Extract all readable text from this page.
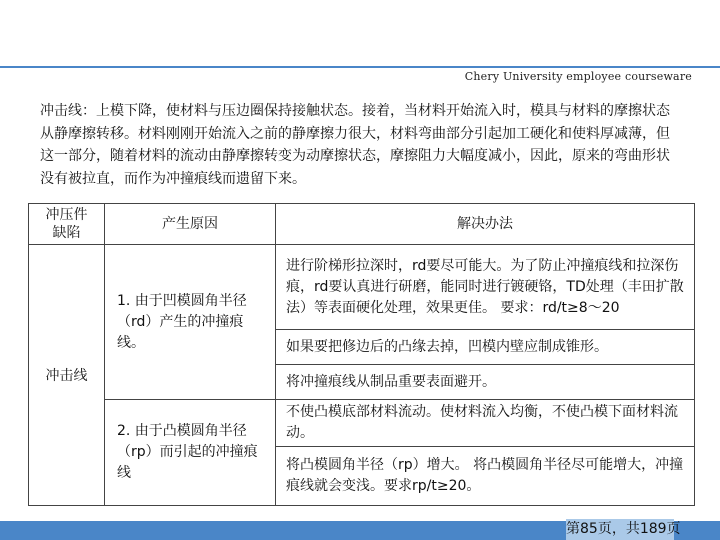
Chery University employee courseware

冲击线：上模下降，使材料与压边圈保持接触状态。接着，当材料开始流入时，模具与材料的摩擦状态从静摩擦转移。材料刚刚开始流入之前的静摩擦力很大，材料弯曲部分引起加工硬化和使料厚减薄，但这一部分，随着材料的流动由静摩擦转变为动摩擦状态，摩擦阻力大幅度减小，因此，原来的弯曲形状没有被拉直，而作为冲撞痕线而遗留下来。

冲压件
缺陷	产生原因	解决办法
冲击线	1. 由于凹模圆角半径（rd）产生的冲撞痕线。	进行阶梯形拉深时，rd要尽可能大。为了防止冲撞痕线和拉深伤痕，rd要认真进行研磨，能同时进行镀硬铬，TD处理（丰田扩散法）等表面硬化处理，效果更佳。 要求：rd/t≥8～20
		如果要把修边后的凸缘去掉，凹模内壁应制成锥形。
		将冲撞痕线从制品重要表面避开。
	2. 由于凸模圆角半径（rp）而引起的冲撞痕线	不使凸模底部材料流动。使材料流入均衡，不使凸模下面材料流动。
		将凸模圆角半径（rp）增大。 将凸模圆角半径尽可能增大，冲撞痕线就会变浅。要求rp/t≥20。
第85页，共189页
